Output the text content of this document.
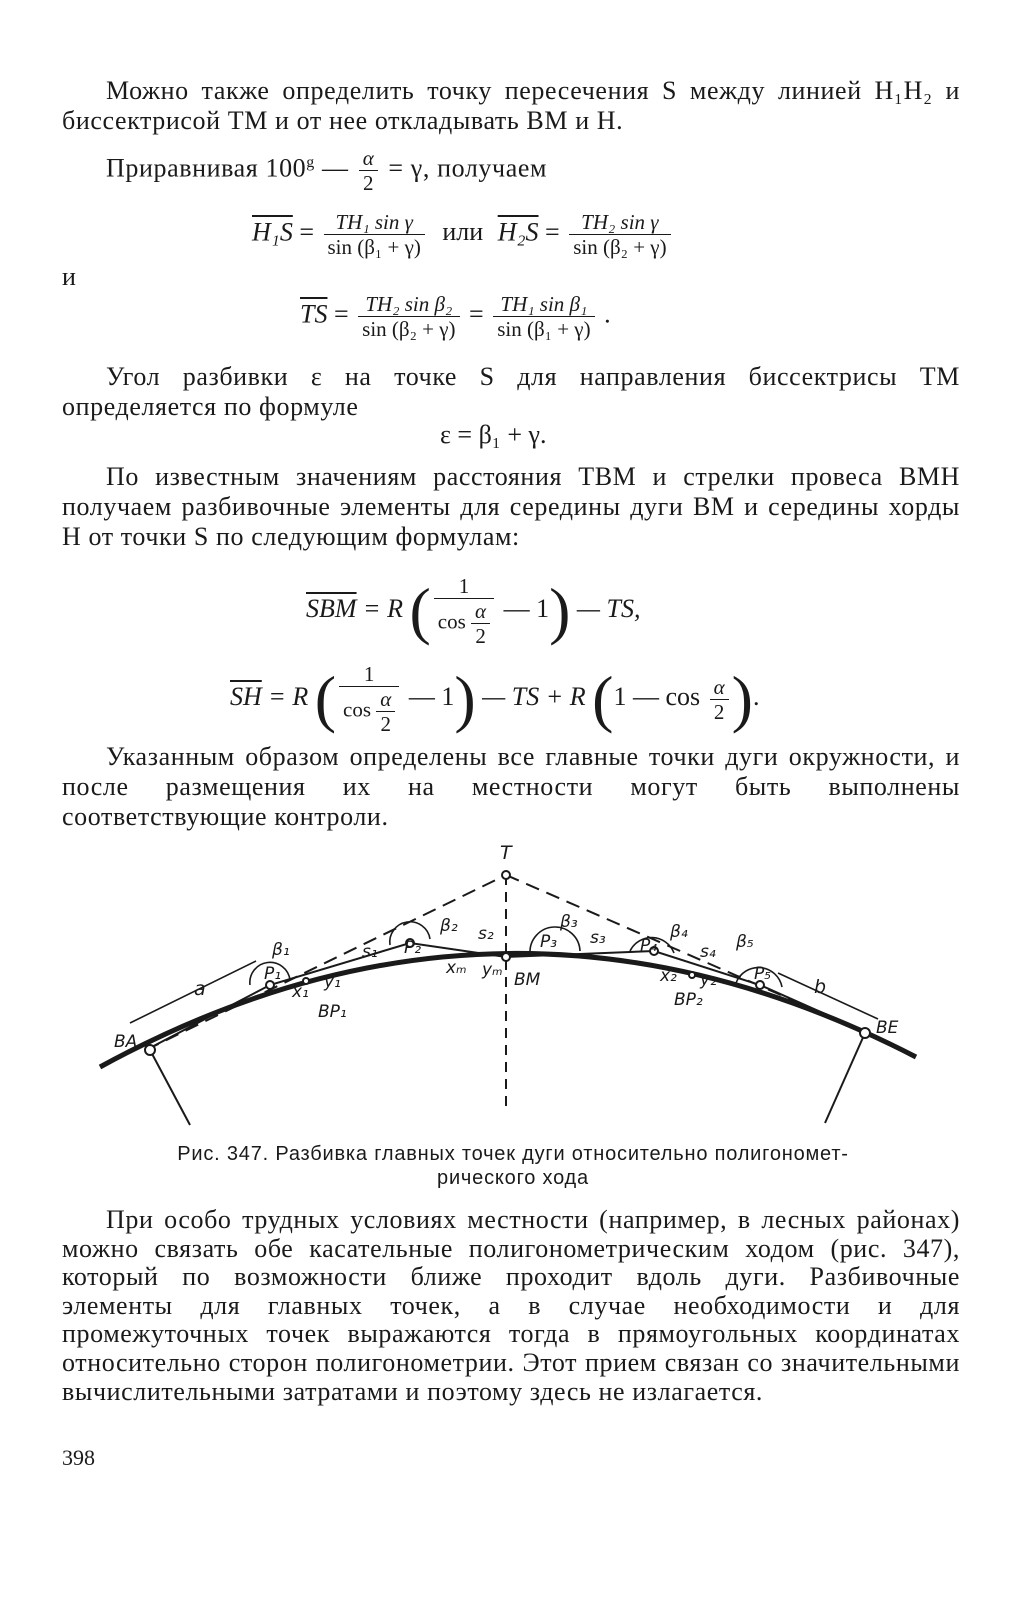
Можно также определить точку пересечения S между линией H₁H₂ и биссектрисой TM и от нее откладывать BM и H.

Приравнивая 100$^g$ — $\frac{\alpha}{2} = \gamma$, получаем
$H_1S = \frac{\text{TH₁ sin γ}}{\text{sin (β₁ + γ)}}$ или $H_2S = \frac{\text{TH₂ sin γ}}{\text{sin (β₂ + γ)}}$
и
$\overline{TS} = \frac{\text{TH₂ sin β₂}}{\text{sin (β₂ + γ)}} = \frac{\text{TH₁ sin β₁}}{\text{sin (β₁ + γ)}}$ .

Угол разбивки ε на точке S для направления биссектрисы TM определяется по формуле

ε = β₁ + γ.

По известным значениям расстояния TBM и стрелки провеса BMH получаем разбивочные элементы для середины дуги BM и середины хорды H от точки S по следующим формулам:

$\overline{SBM} = R$ ( $\frac{1}{\cos \frac{\alpha}{2}}$ — 1) — TS,
$\overline{SH} = R$ ( $\frac{1}{\cos \frac{\alpha}{2}}$ — 1) — TS + R (1 — $\cos \frac{\alpha}{2}$ ).

Указанным образом определены все главные точки дуги окружности, и после размещения их на местности могут быть выполнены соответствующие контроли.

T
BA
BE
BM
a	b
P₁
P₂	P₃	P₄
P₅
β₁
β₂	β₃	β₄	β₅
s₁
s₂	s₃
s₄
x₁ y₁
xₘ yₘ	x₂ y₂
BP₁
BP₂
Рис. 347. Разбивка главных точек дуги относительно полигономет-
рического хода

При особо трудных условиях местности (например, в лесных районах) можно связать обе касательные полигонометрическим ходом (рис. 347), который по возможности ближе проходит вдоль дуги. Разбивочные элементы для главных точек, а в случае необходимости и для промежуточных точек выражаются тогда в прямоугольных координатах относительно сторон полигонометрии. Этот прием связан со значительными вычислительными затратами и поэтому здесь не излагается.

398
